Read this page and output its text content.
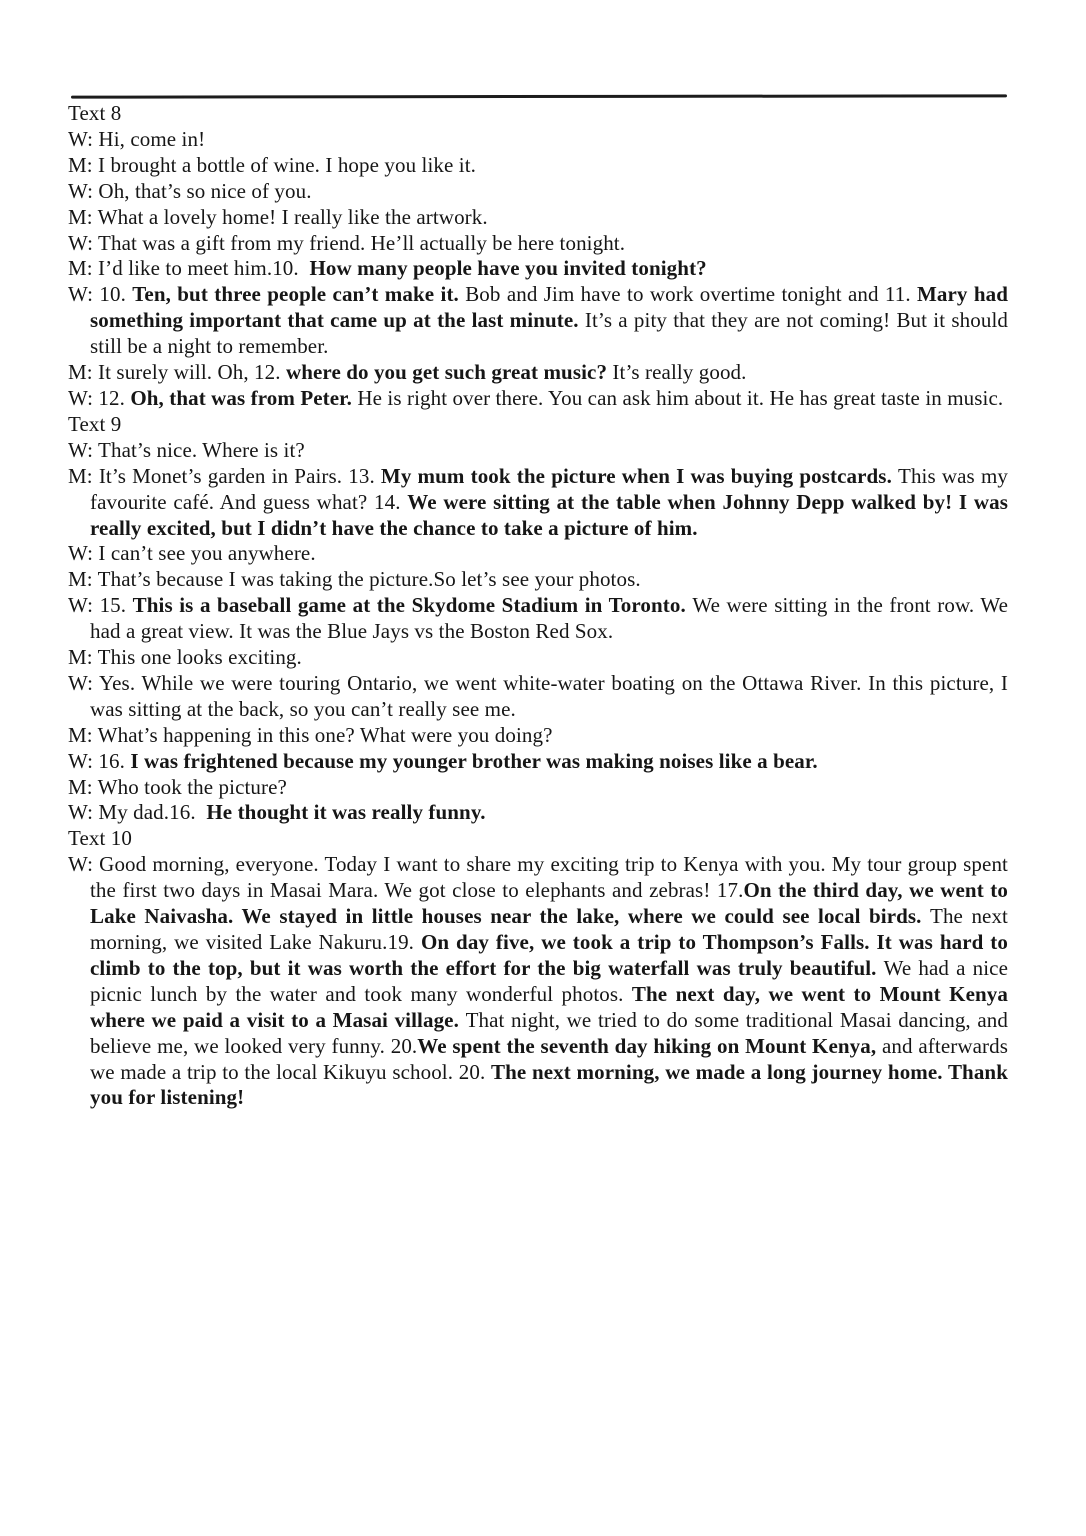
Text 8

W: Hi, come in!

M: I brought a bottle of wine. I hope you like it.

W: Oh, that’s so nice of you.

M: What a lovely home! I really like the artwork.

W: That was a gift from my friend. He’ll actually be here tonight.

M: I’d like to meet him.10.  How many people have you invited tonight?

W: 10. Ten, but three people can’t make it. Bob and Jim have to work overtime tonight and 11. Mary had something important that came up at the last minute. It’s a pity that they are not coming! But it should still be a night to remember.

M: It surely will. Oh, 12. where do you get such great music? It’s really good.

W: 12. Oh, that was from Peter. He is right over there. You can ask him about it. He has great taste in music.

Text 9

W: That’s nice. Where is it?

M: It’s Monet’s garden in Pairs. 13. My mum took the picture when I was buying postcards. This was my favourite café. And guess what? 14. We were sitting at the table when Johnny Depp walked by! I was really excited, but I didn’t have the chance to take a picture of him.

W: I can’t see you anywhere.

M: That’s because I was taking the picture.So let’s see your photos.

W: 15. This is a baseball game at the Skydome Stadium in Toronto. We were sitting in the front row. We had a great view. It was the Blue Jays vs the Boston Red Sox.

M: This one looks exciting.

W: Yes. While we were touring Ontario, we went white-water boating on the Ottawa River. In this picture, I was sitting at the back, so you can’t really see me.

M: What’s happening in this one? What were you doing?

W: 16. I was frightened because my younger brother was making noises like a bear.

M: Who took the picture?

W: My dad.16.  He thought it was really funny.

Text 10

W: Good morning, everyone. Today I want to share my exciting trip to Kenya with you. My tour group spent the first two days in Masai Mara. We got close to elephants and zebras! 17.On the third day, we went to Lake Naivasha. We stayed in little houses near the lake, where we could see local birds. The next morning, we visited Lake Nakuru.19. On day five, we took a trip to Thompson’s Falls. It was hard to climb to the top, but it was worth the effort for the big waterfall was truly beautiful. We had a nice picnic lunch by the water and took many wonderful photos. The next day, we went to Mount Kenya where we paid a visit to a Masai village. That night, we tried to do some traditional Masai dancing, and believe me, we looked very funny. 20.We spent the seventh day hiking on Mount Kenya, and afterwards we made a trip to the local Kikuyu school. 20. The next morning, we made a long journey home. Thank you for listening!
